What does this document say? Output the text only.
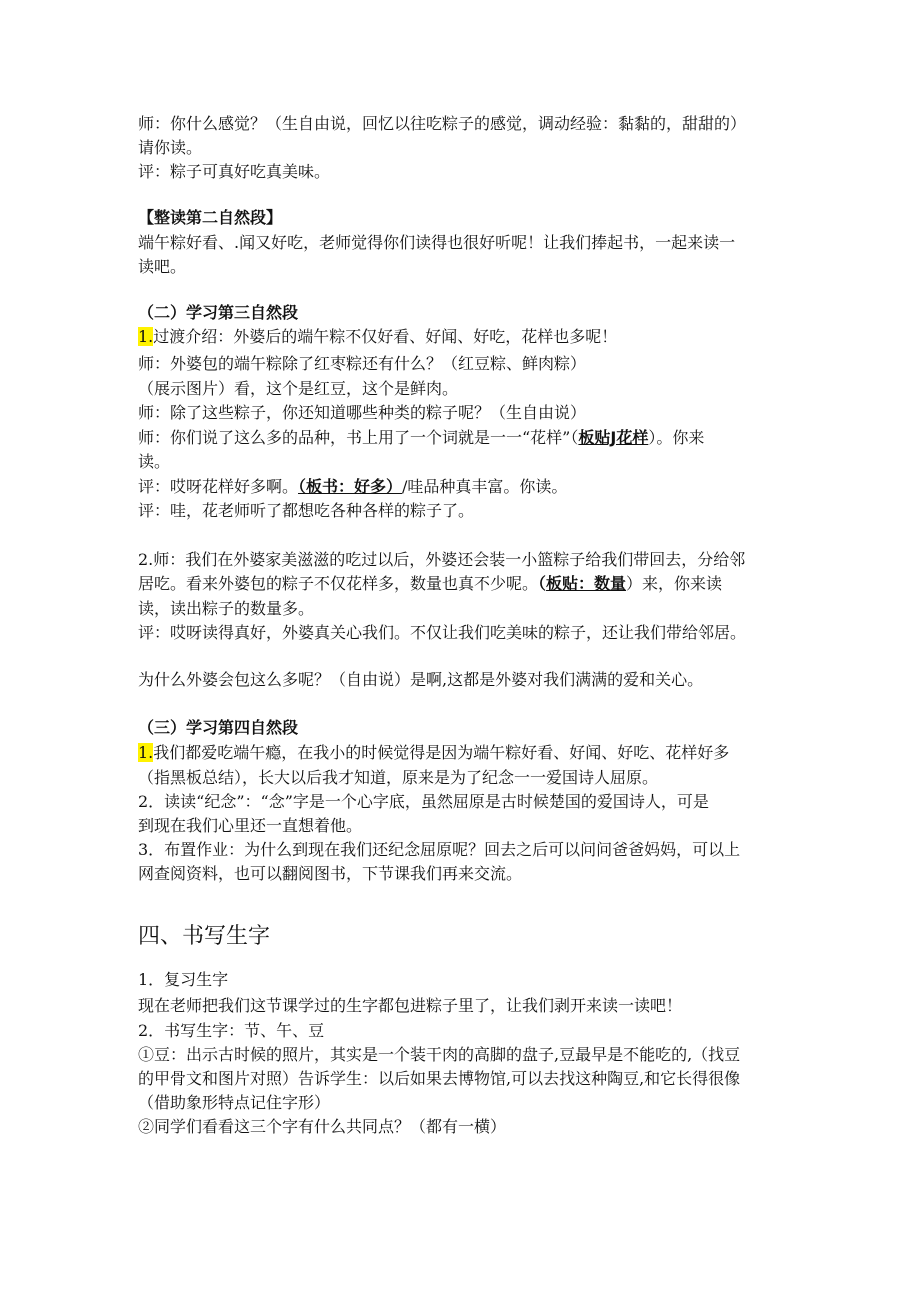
师：你什么感觉？（生自由说，回忆以往吃粽子的感觉，调动经验：黏黏的，甜甜的）
请你读。
评：粽子可真好吃真美味。
【整读第二自然段】
端午粽好看、.闻又好吃，老师觉得你们读得也很好听呢！让我们捧起书，一起来读一
读吧。
（二）学习第三自然段
1.过渡介绍：外婆后的端午粽不仅好看、好闻、好吃，花样也多呢！
师：外婆包的端午粽除了红枣粽还有什么？（红豆粽、鲜肉粽）
（展示图片）看，这个是红豆，这个是鲜肉。
师：除了这些粽子，你还知道哪些种类的粽子呢？（生自由说）
师：你们说了这么多的品种，书上用了一个词就是一一“花样”（板贴J花样）。你来
读。
评：哎呀花样好多啊。（板书：好多）/哇品种真丰富。你读。
评：哇，花老师听了都想吃各种各样的粽子了。
2.师：我们在外婆家美滋滋的吃过以后，外婆还会装一小篮粽子给我们带回去，分给邻
居吃。看来外婆包的粽子不仅花样多，数量也真不少呢。（板贴：数量）来，你来读
读，读出粽子的数量多。
评：哎呀读得真好，外婆真关心我们。不仅让我们吃美味的粽子，还让我们带给邻居。
为什么外婆会包这么多呢？（自由说）是啊,这都是外婆对我们满满的爱和关心。
（三）学习第四自然段
1.我们都爱吃端午瘾，在我小的时候觉得是因为端午粽好看、好闻、好吃、花样好多
（指黑板总结），长大以后我才知道，原来是为了纪念一一爱国诗人屈原。
2．读读“纪念”：“念”字是一个心字底，虽然屈原是古时候楚国的爱国诗人，可是
到现在我们心里还一直想着他。
3．布置作业：为什么到现在我们还纪念屈原呢？回去之后可以问问爸爸妈妈，可以上
网查阅资料，也可以翻阅图书，下节课我们再来交流。
四、书写生字
1．复习生字
现在老师把我们这节课学过的生字都包进粽子里了，让我们剥开来读一读吧！
2．书写生字：节、午、豆
①豆：出示古时候的照片，其实是一个装干肉的高脚的盘子,豆最早是不能吃的,（找豆
的甲骨文和图片对照）告诉学生：以后如果去博物馆,可以去找这种陶豆,和它长得很像
（借助象形特点记住字形）
②同学们看看这三个字有什么共同点？（都有一横）
